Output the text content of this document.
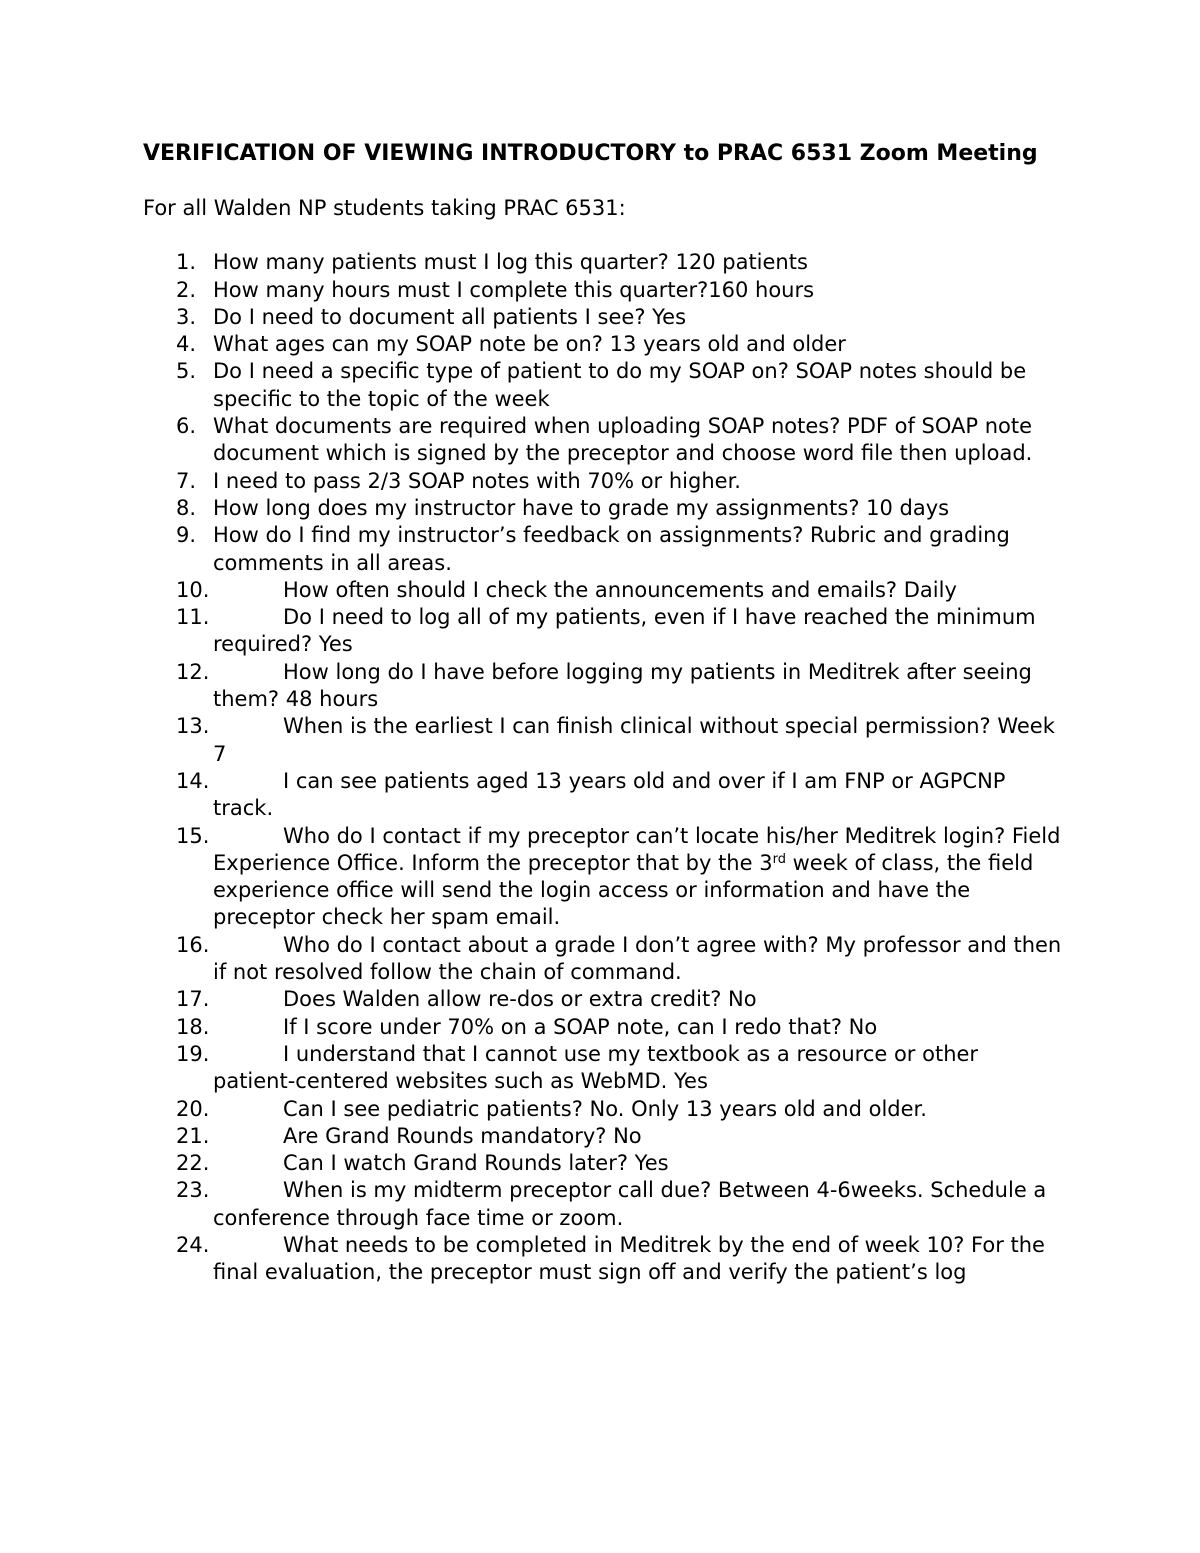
VERIFICATION OF VIEWING INTRODUCTORY to PRAC 6531 Zoom Meeting

For all Walden NP students taking PRAC 6531:

1. How many patients must I log this quarter? 120 patients
2. How many hours must I complete this quarter?160 hours
3. Do I need to document all patients I see? Yes
4. What ages can my SOAP note be on? 13 years old and older
5. Do I need a specific type of patient to do my SOAP on? SOAP notes should be specific to the topic of the week
6. What documents are required when uploading SOAP notes? PDF of SOAP note document which is signed by the preceptor and choose word file then upload.
7. I need to pass 2/3 SOAP notes with 70% or higher.
8. How long does my instructor have to grade my assignments? 10 days
9. How do I find my instructor’s feedback on assignments? Rubric and grading comments in all areas.
10.	How often should I check the announcements and emails? Daily
11.	Do I need to log all of my patients, even if I have reached the minimum required? Yes
12.	How long do I have before logging my patients in Meditrek after seeing them? 48 hours
13.	When is the earliest I can finish clinical without special permission? Week 7
14.	I can see patients aged 13 years old and over if I am FNP or AGPCNP track.
15.	Who do I contact if my preceptor can’t locate his/her Meditrek login? Field Experience Office. Inform the preceptor that by the 3rd week of class, the field experience office will send the login access or information and have the preceptor check her spam email.
16.	Who do I contact about a grade I don’t agree with? My professor and then if not resolved follow the chain of command.
17.	Does Walden allow re-dos or extra credit? No
18.	If I score under 70% on a SOAP note, can I redo that? No
19.	I understand that I cannot use my textbook as a resource or other patient-centered websites such as WebMD. Yes
20.	Can I see pediatric patients? No. Only 13 years old and older.
21.	Are Grand Rounds mandatory? No
22.	Can I watch Grand Rounds later? Yes
23.	When is my midterm preceptor call due? Between 4-6weeks. Schedule a conference through face time or zoom.
24.	What needs to be completed in Meditrek by the end of week 10? For the final evaluation, the preceptor must sign off and verify the patient’s log
